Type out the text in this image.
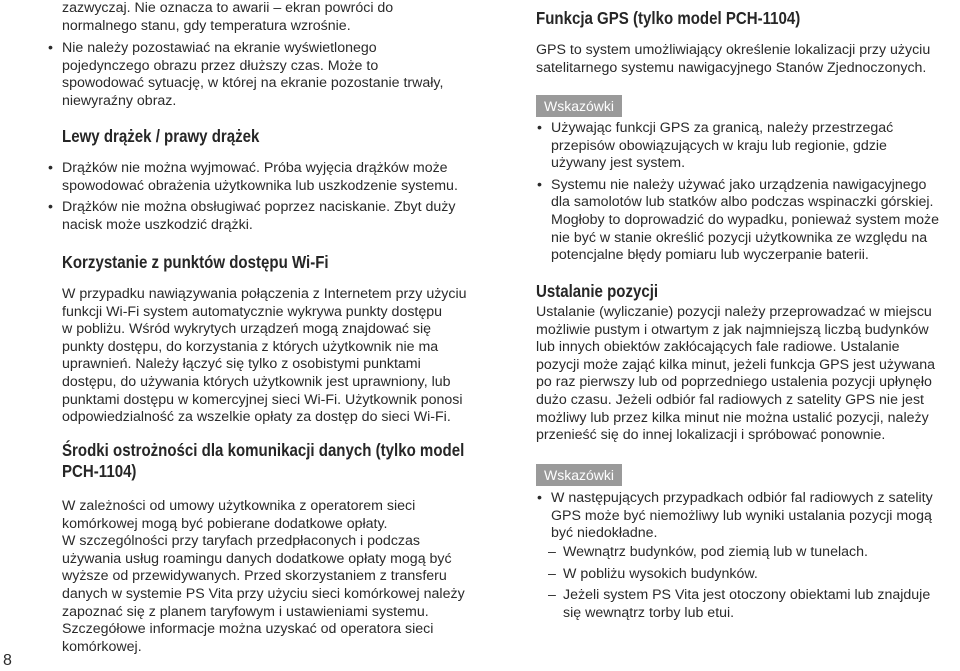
zazwyczaj. Nie oznacza to awarii – ekran powróci do
normalnego stanu, gdy temperatura wzrośnie.

• Nie należy pozostawiać na ekranie wyświetlonego
pojedynczego obrazu przez dłuższy czas. Może to
spowodować sytuację, w której na ekranie pozostanie trwały,
niewyraźny obraz.
Lewy drążek / prawy drążek
• Drążków nie można wyjmować. Próba wyjęcia drążków może
spowodować obrażenia użytkownika lub uszkodzenie systemu.
• Drążków nie można obsługiwać poprzez naciskanie. Zbyt duży
nacisk może uszkodzić drążki.
Korzystanie z punktów dostępu Wi-Fi

W przypadku nawiązywania połączenia z Internetem przy użyciu
funkcji Wi-Fi system automatycznie wykrywa punkty dostępu
w pobliżu. Wśród wykrytych urządzeń mogą znajdować się
punkty dostępu, do korzystania z których użytkownik nie ma
uprawnień. Należy łączyć się tylko z osobistymi punktami
dostępu, do używania których użytkownik jest uprawniony, lub
punktami dostępu w komercyjnej sieci Wi-Fi. Użytkownik ponosi
odpowiedzialność za wszelkie opłaty za dostęp do sieci Wi-Fi.

Środki ostrożności dla komunikacji danych (tylko model
PCH-1104)

W zależności od umowy użytkownika z operatorem sieci
komórkowej mogą być pobierane dodatkowe opłaty.
W szczególności przy taryfach przedpłaconych i podczas
używania usług roamingu danych dodatkowe opłaty mogą być
wyższe od przewidywanych. Przed skorzystaniem z transferu
danych w systemie PS Vita przy użyciu sieci komórkowej należy
zapoznać się z planem taryfowym i ustawieniami systemu.
Szczegółowe informacje można uzyskać od operatora sieci
komórkowej.

Funkcja GPS (tylko model PCH-1104)

GPS to system umożliwiający określenie lokalizacji przy użyciu
satelitarnego systemu nawigacyjnego Stanów Zjednoczonych.

Wskazówki
• Używając funkcji GPS za granicą, należy przestrzegać
przepisów obowiązujących w kraju lub regionie, gdzie
używany jest system.
• Systemu nie należy używać jako urządzenia nawigacyjnego
dla samolotów lub statków albo podczas wspinaczki górskiej.
Mogłoby to doprowadzić do wypadku, ponieważ system może
nie być w stanie określić pozycji użytkownika ze względu na
potencjalne błędy pomiaru lub wyczerpanie baterii.
Ustalanie pozycji

Ustalanie (wyliczanie) pozycji należy przeprowadzać w miejscu
możliwie pustym i otwartym z jak najmniejszą liczbą budynków
lub innych obiektów zakłócających fale radiowe. Ustalanie
pozycji może zająć kilka minut, jeżeli funkcja GPS jest używana
po raz pierwszy lub od poprzedniego ustalenia pozycji upłynęło
dużo czasu. Jeżeli odbiór fal radiowych z satelity GPS nie jest
możliwy lub przez kilka minut nie można ustalić pozycji, należy
przenieść się do innej lokalizacji i spróbować ponownie.

Wskazówki
• W następujących przypadkach odbiór fal radiowych z satelity
GPS może być niemożliwy lub wyniki ustalania pozycji mogą
być niedokładne.
– Wewnątrz budynków, pod ziemią lub w tunelach.
– W pobliżu wysokich budynków.
– Jeżeli system PS Vita jest otoczony obiektami lub znajduje
się wewnątrz torby lub etui.
8
